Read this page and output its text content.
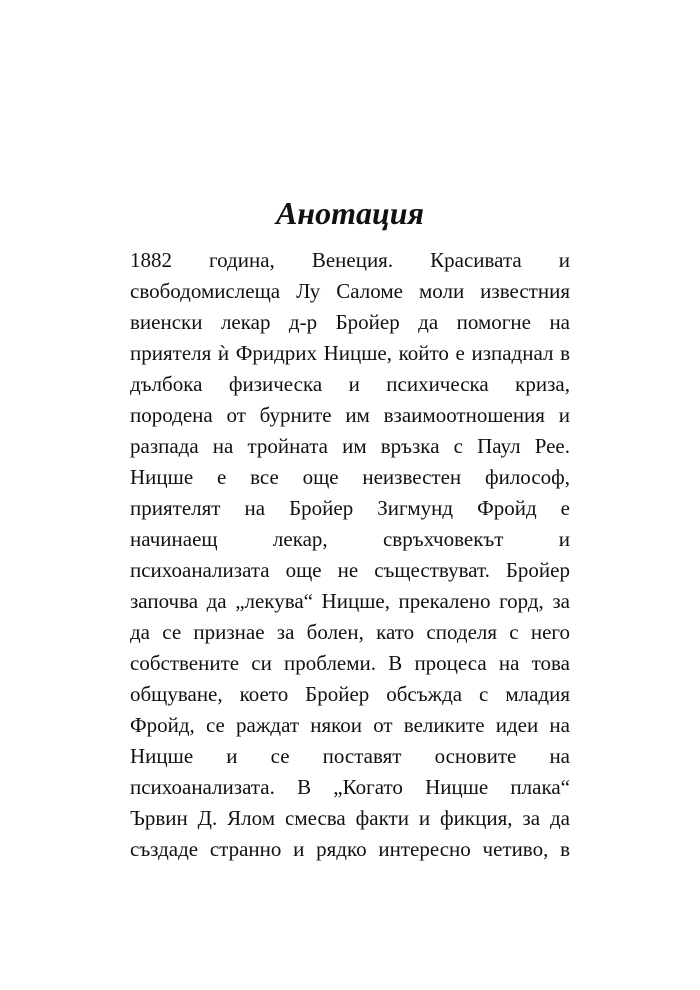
Анотация
1882 година, Венеция. Красивата и
свободомислеща Лу Саломе моли известния
виенски лекар д-р Бройер да помогне на
приятеля ѝ Фридрих Ницше, който е изпаднал в
дълбока физическа и психическа криза,
породена от бурните им взаимоотношения и
разпада на тройната им връзка с Паул Рее.
Ницше е все още неизвестен философ,
приятелят на Бройер Зигмунд Фройд е
начинаещ лекар, свръхчовекът и
психоанализата още не съществуват. Бройер
започва да „лекува“ Ницше, прекалено горд, за
да се признае за болен, като споделя с него
собствените си проблеми. В процеса на това
общуване, което Бройер обсъжда с младия
Фройд, се раждат някои от великите идеи на
Ницше и се поставят основите на
психоанализата. В „Когато Ницше плака“
Ървин Д. Ялом смесва факти и фикция, за да
създаде странно и рядко интересно четиво, в
